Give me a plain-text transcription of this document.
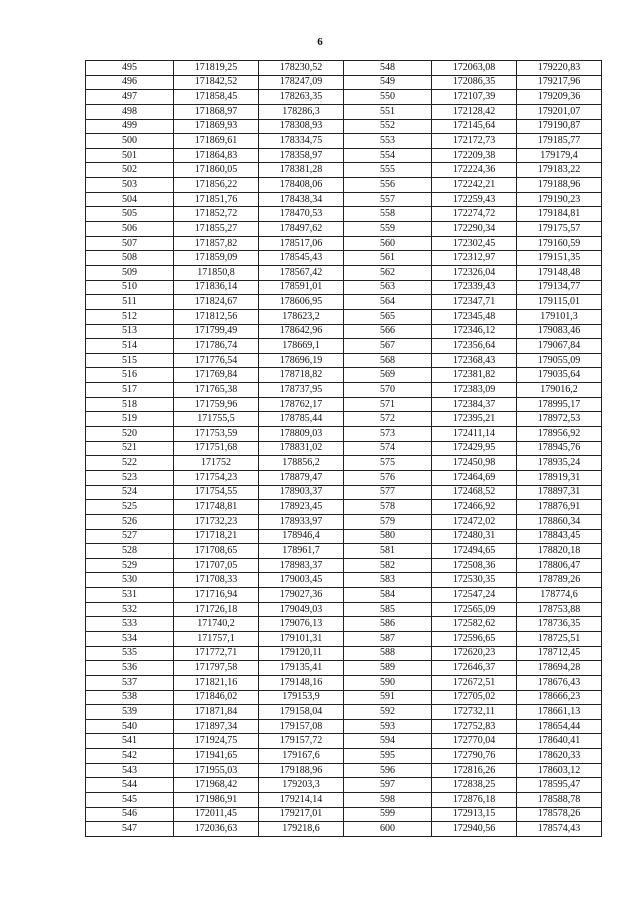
6
495	171819,25	178230,52	548	172063,08	179220,83
496	171842,52	178247,09	549	172086,35	179217,96
497	171858,45	178263,35	550	172107,39	179209,36
498	171868,97	178286,3	551	172128,42	179201,07
499	171869,93	178308,93	552	172145,64	179190,87
500	171869,61	178334,75	553	172172,73	179185,77
501	171864,83	178358,97	554	172209,38	179179,4
502	171860,05	178381,28	555	172224,36	179183,22
503	171856,22	178408,06	556	172242,21	179188,96
504	171851,76	178438,34	557	172259,43	179190,23
505	171852,72	178470,53	558	172274,72	179184,81
506	171855,27	178497,62	559	172290,34	179175,57
507	171857,82	178517,06	560	172302,45	179160,59
508	171859,09	178545,43	561	172312,97	179151,35
509	171850,8	178567,42	562	172326,04	179148,48
510	171836,14	178591,01	563	172339,43	179134,77
511	171824,67	178606,95	564	172347,71	179115,01
512	171812,56	178623,2	565	172345,48	179101,3
513	171799,49	178642,96	566	172346,12	179083,46
514	171786,74	178669,1	567	172356,64	179067,84
515	171776,54	178696,19	568	172368,43	179055,09
516	171769,84	178718,82	569	172381,82	179035,64
517	171765,38	178737,95	570	172383,09	179016,2
518	171759,96	178762,17	571	172384,37	178995,17
519	171755,5	178785,44	572	172395,21	178972,53
520	171753,59	178809,03	573	172411,14	178956,92
521	171751,68	178831,02	574	172429,95	178945,76
522	171752	178856,2	575	172450,98	178935,24
523	171754,23	178879,47	576	172464,69	178919,31
524	171754,55	178903,37	577	172468,52	178897,31
525	171748,81	178923,45	578	172466,92	178876,91
526	171732,23	178933,97	579	172472,02	178860,34
527	171718,21	178946,4	580	172480,31	178843,45
528	171708,65	178961,7	581	172494,65	178820,18
529	171707,05	178983,37	582	172508,36	178806,47
530	171708,33	179003,45	583	172530,35	178789,26
531	171716,94	179027,36	584	172547,24	178774,6
532	171726,18	179049,03	585	172565,09	178753,88
533	171740,2	179076,13	586	172582,62	178736,35
534	171757,1	179101,31	587	172596,65	178725,51
535	171772,71	179120,11	588	172620,23	178712,45
536	171797,58	179135,41	589	172646,37	178694,28
537	171821,16	179148,16	590	172672,51	178676,43
538	171846,02	179153,9	591	172705,02	178666,23
539	171871,84	179158,04	592	172732,11	178661,13
540	171897,34	179157,08	593	172752,83	178654,44
541	171924,75	179157,72	594	172770,04	178640,41
542	171941,65	179167,6	595	172790,76	178620,33
543	171955,03	179188,96	596	172816,26	178603,12
544	171968,42	179203,3	597	172838,25	178595,47
545	171986,91	179214,14	598	172876,18	178588,78
546	172011,45	179217,01	599	172913,15	178578,26
547	172036,63	179218,6	600	172940,56	178574,43
